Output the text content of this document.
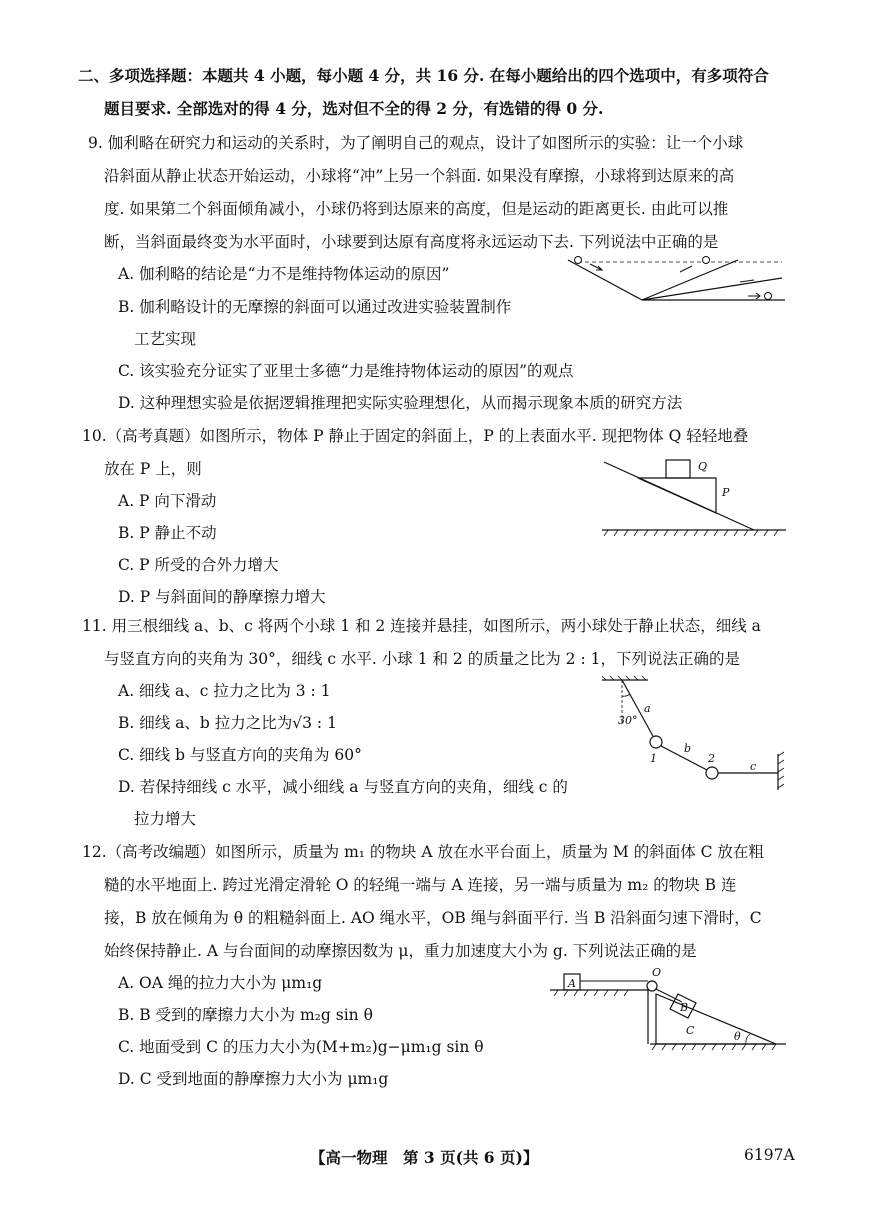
二、多项选择题：本题共 4 小题，每小题 4 分，共 16 分. 在每小题给出的四个选项中，有多项符合
题目要求. 全部选对的得 4 分，选对但不全的得 2 分，有选错的得 0 分.
9. 伽利略在研究力和运动的关系时，为了阐明自己的观点，设计了如图所示的实验：让一个小球
沿斜面从静止状态开始运动，小球将“冲”上另一个斜面. 如果没有摩擦，小球将到达原来的高
度. 如果第二个斜面倾角减小，小球仍将到达原来的高度，但是运动的距离更长. 由此可以推
断，当斜面最终变为水平面时，小球要到达原有高度将永远运动下去. 下列说法中正确的是
A. 伽利略的结论是“力不是维持物体运动的原因”
B. 伽利略设计的无摩擦的斜面可以通过改进实验装置制作
工艺实现
C. 该实验充分证实了亚里士多德“力是维持物体运动的原因”的观点
D. 这种理想实验是依据逻辑推理把实际实验理想化，从而揭示现象本质的研究方法
10.（高考真题）如图所示，物体 P 静止于固定的斜面上，P 的上表面水平. 现把物体 Q 轻轻地叠
放在 P 上，则
A. P 向下滑动
B. P 静止不动
C. P 所受的合外力增大
D. P 与斜面间的静摩擦力增大
Q
P
11. 用三根细线 a、b、c 将两个小球 1 和 2 连接并悬挂，如图所示，两小球处于静止状态，细线 a
与竖直方向的夹角为 30°，细线 c 水平. 小球 1 和 2 的质量之比为 2 : 1，下列说法正确的是
A. 细线 a、c 拉力之比为 3 : 1
B. 细线 a、b 拉力之比为√3 : 1
C. 细线 b 与竖直方向的夹角为 60°
D. 若保持细线 c 水平，减小细线 a 与竖直方向的夹角，细线 c 的
拉力增大
30°
a
b
c
1	2
12.（高考改编题）如图所示，质量为 m₁ 的物块 A 放在水平台面上，质量为 M 的斜面体 C 放在粗
糙的水平地面上. 跨过光滑定滑轮 O 的轻绳一端与 A 连接，另一端与质量为 m₂ 的物块 B 连
接，B 放在倾角为 θ 的粗糙斜面上. AO 绳水平，OB 绳与斜面平行. 当 B 沿斜面匀速下滑时，C
始终保持静止. A 与台面间的动摩擦因数为 μ，重力加速度大小为 g. 下列说法正确的是
A. OA 绳的拉力大小为 μm₁g
B. B 受到的摩擦力大小为 m₂g sin θ
C. 地面受到 C 的压力大小为(M+m₂)g−μm₁g sin θ
D. C 受到地面的静摩擦力大小为 μm₁g
A
B
C
O
θ
【高一物理　第 3 页(共 6 页)】	6197A
